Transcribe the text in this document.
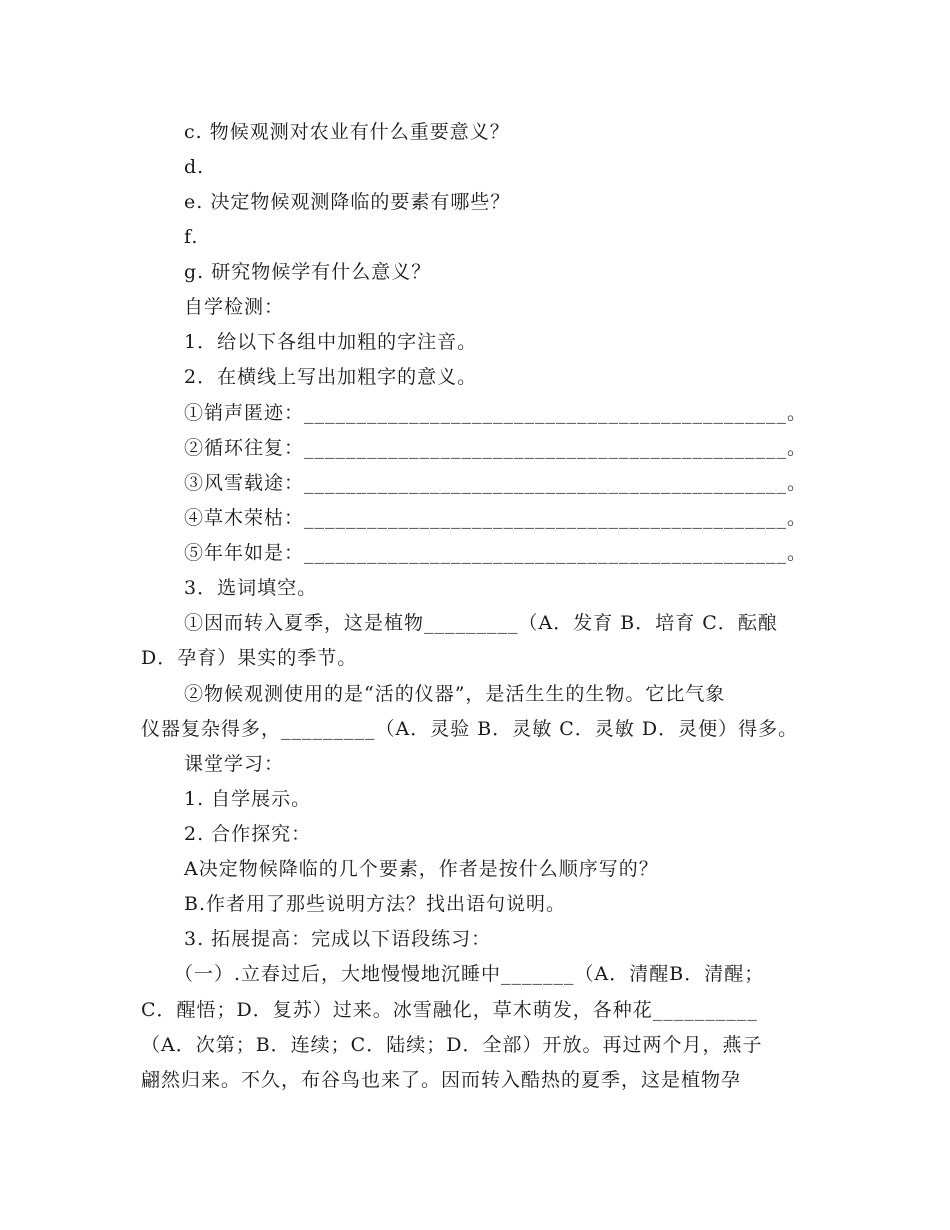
c. 物候观测对农业有什么重要意义？
d.
e. 决定物候观测降临的要素有哪些？
f.
g. 研究物候学有什么意义？
自学检测：
1．给以下各组中加粗的字注音。
2．在横线上写出加粗字的意义。
①销声匿迹：______________________________________________。
②循环往复：______________________________________________。
③风雪载途：______________________________________________。
④草木荣枯：______________________________________________。
⑤年年如是：______________________________________________。
3．选词填空。
①因而转入夏季，这是植物_________（A．发育 B．培育 C．酝酿
D．孕育）果实的季节。
②物候观测使用的是“活的仪器”，是活生生的生物。它比气象
仪器复杂得多，_________（A．灵验 B．灵敏 C．灵敏 D．灵便）得多。
课堂学习：
1. 自学展示。
2. 合作探究：
A决定物候降临的几个要素，作者是按什么顺序写的？
B.作者用了那些说明方法？找出语句说明。
3. 拓展提高：完成以下语段练习：
（一）.立春过后，大地慢慢地沉睡中_______（A．清醒B．清醒；
C．醒悟；D．复苏）过来。冰雪融化，草木萌发，各种花__________
（A．次第；B．连续；C．陆续；D．全部）开放。再过两个月，燕子
翩然归来。不久，布谷鸟也来了。因而转入酷热的夏季，这是植物孕
